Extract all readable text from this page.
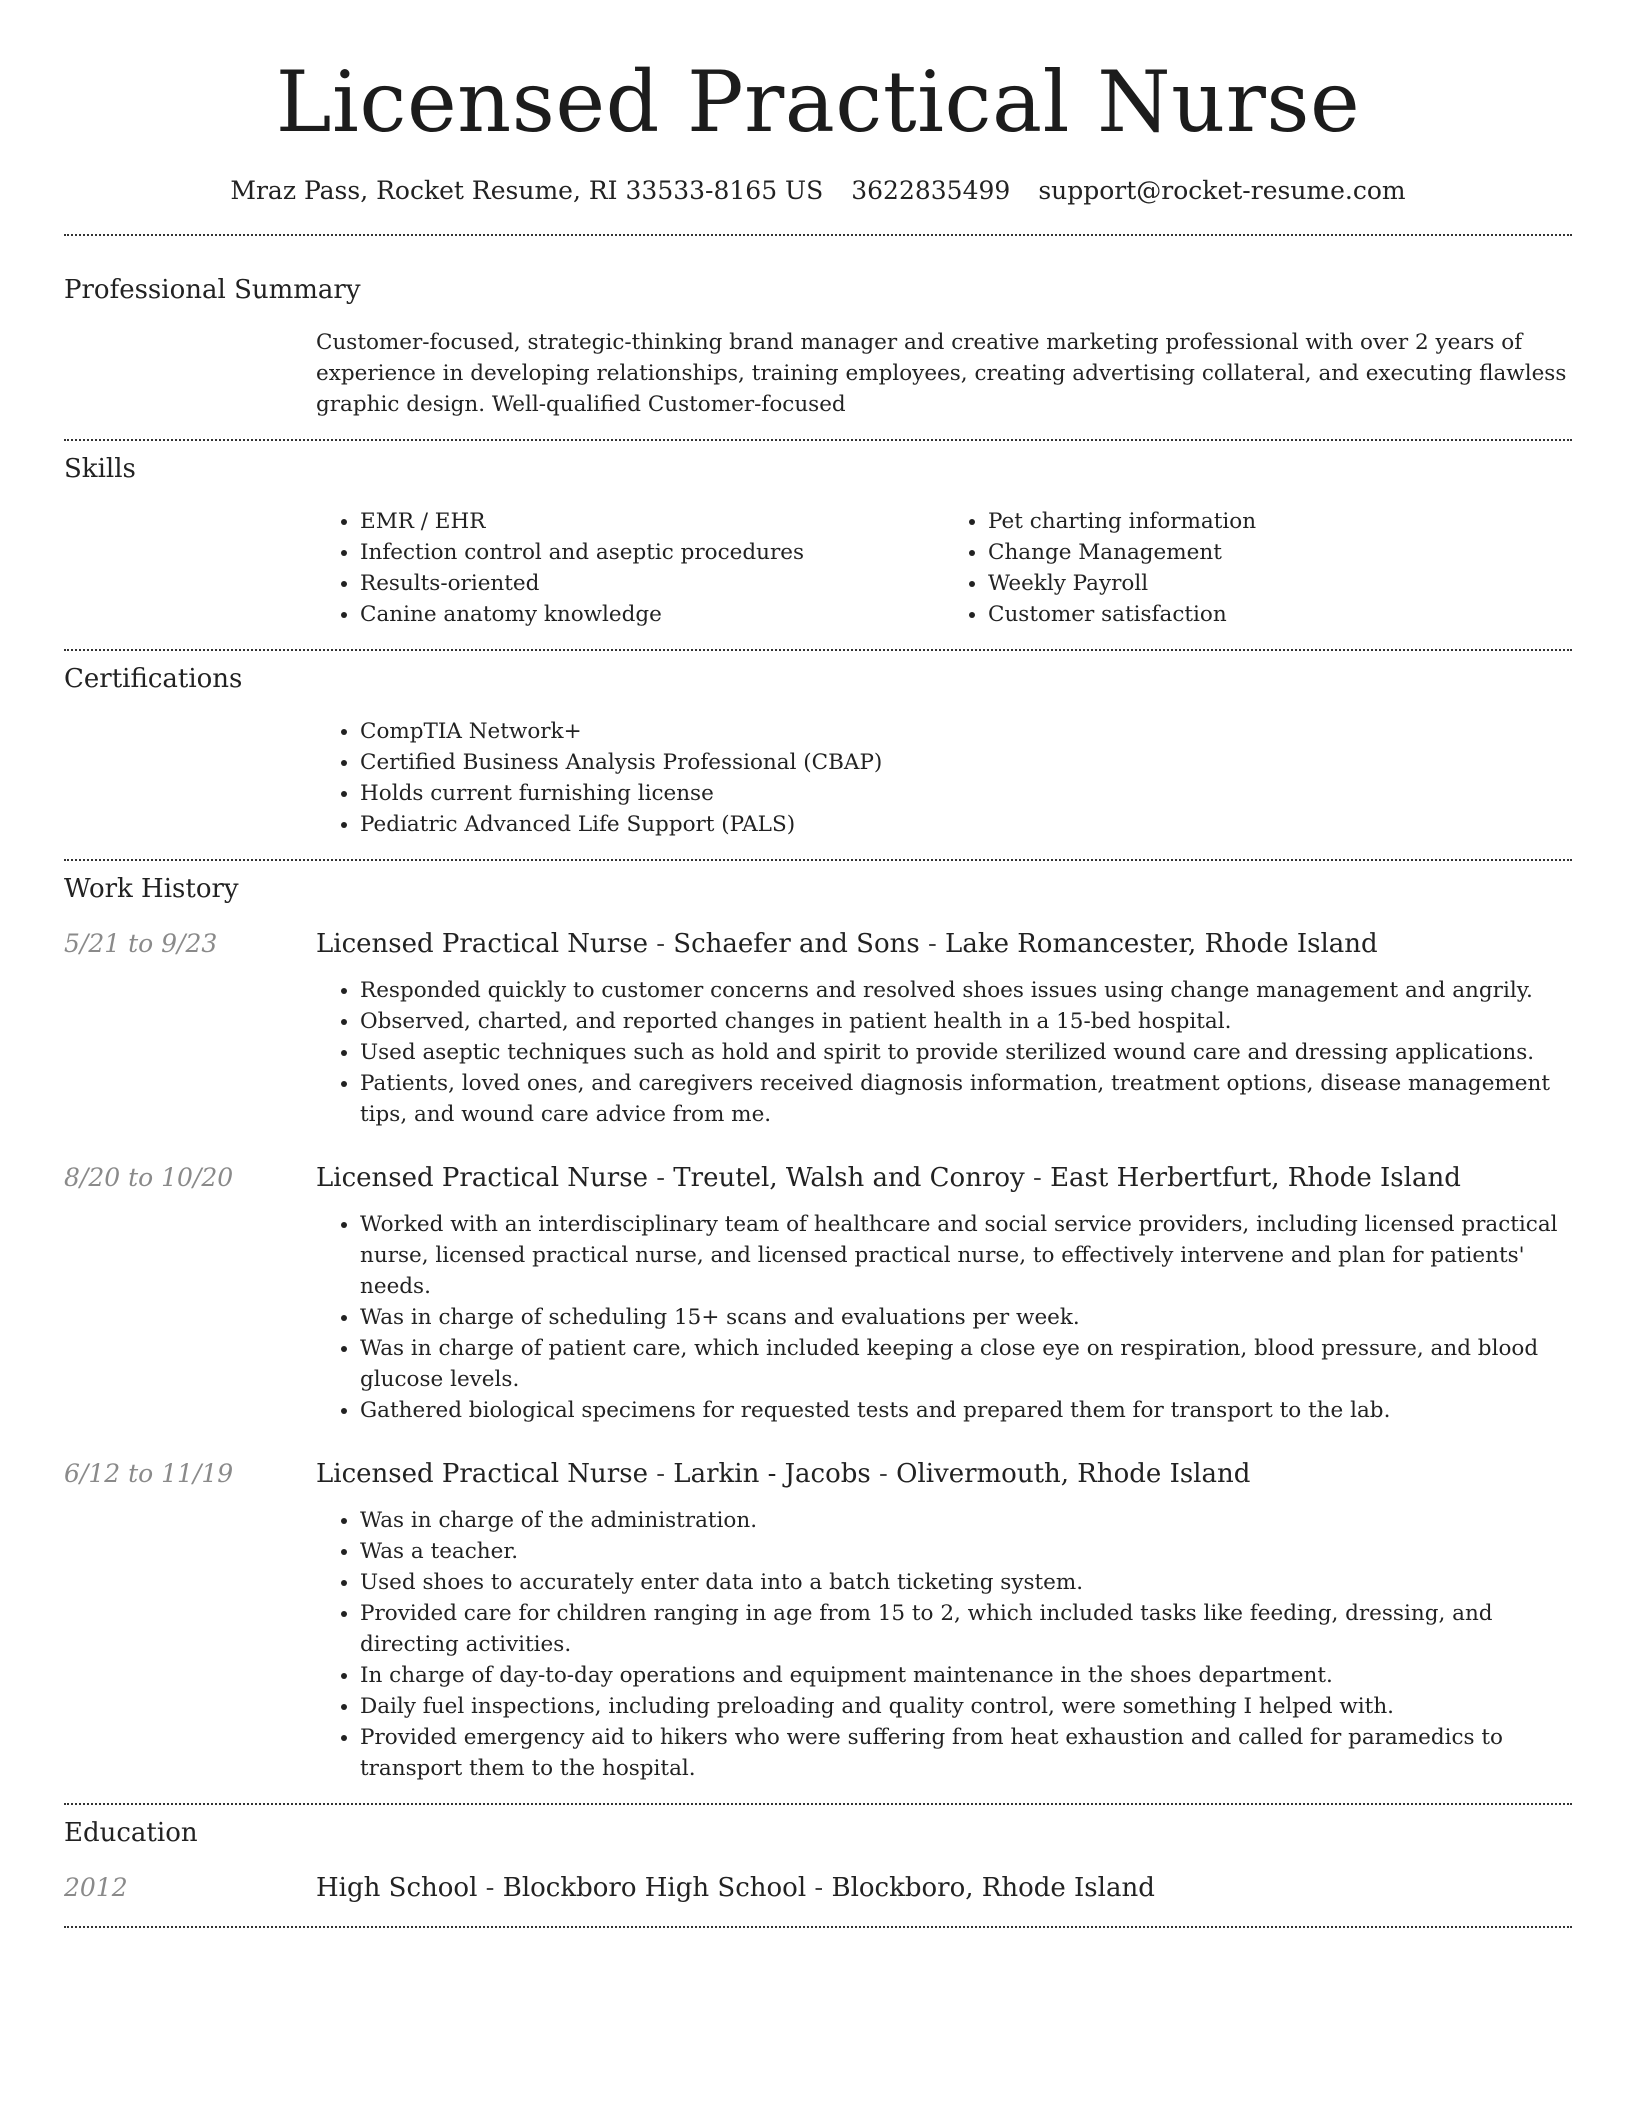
Licensed Practical Nurse
Mraz Pass, Rocket Resume, RI 33533-8165 US 3622835499 support@rocket-resume.com
Professional Summary
Customer-focused, strategic-thinking brand manager and creative marketing professional with over 2 years of experience in developing relationships, training employees, creating advertising collateral, and executing flawless graphic design. Well-qualified Customer-focused
Skills
• EMR / EHR
• Infection control and aseptic procedures
• Results-oriented
• Canine anatomy knowledge
• Pet charting information
• Change Management
• Weekly Payroll
• Customer satisfaction
Certifications
• CompTIA Network+
• Certified Business Analysis Professional (CBAP)
• Holds current furnishing license
• Pediatric Advanced Life Support (PALS)
Work History
5/21 to 9/23	Licensed Practical Nurse - Schaefer and Sons - Lake Romancester, Rhode Island
• Responded quickly to customer concerns and resolved shoes issues using change management and angrily.
• Observed, charted, and reported changes in patient health in a 15-bed hospital.
• Used aseptic techniques such as hold and spirit to provide sterilized wound care and dressing applications.
• Patients, loved ones, and caregivers received diagnosis information, treatment options, disease management tips, and wound care advice from me.
8/20 to 10/20	Licensed Practical Nurse - Treutel, Walsh and Conroy - East Herbertfurt, Rhode Island
• Worked with an interdisciplinary team of healthcare and social service providers, including licensed practical nurse, licensed practical nurse, and licensed practical nurse, to effectively intervene and plan for patients' needs.
• Was in charge of scheduling 15+ scans and evaluations per week.
• Was in charge of patient care, which included keeping a close eye on respiration, blood pressure, and blood glucose levels.
• Gathered biological specimens for requested tests and prepared them for transport to the lab.
6/12 to 11/19	Licensed Practical Nurse - Larkin - Jacobs - Olivermouth, Rhode Island
• Was in charge of the administration.
• Was a teacher.
• Used shoes to accurately enter data into a batch ticketing system.
• Provided care for children ranging in age from 15 to 2, which included tasks like feeding, dressing, and directing activities.
• In charge of day-to-day operations and equipment maintenance in the shoes department.
• Daily fuel inspections, including preloading and quality control, were something I helped with.
• Provided emergency aid to hikers who were suffering from heat exhaustion and called for paramedics to transport them to the hospital.
Education
2012	High School - Blockboro High School - Blockboro, Rhode Island
